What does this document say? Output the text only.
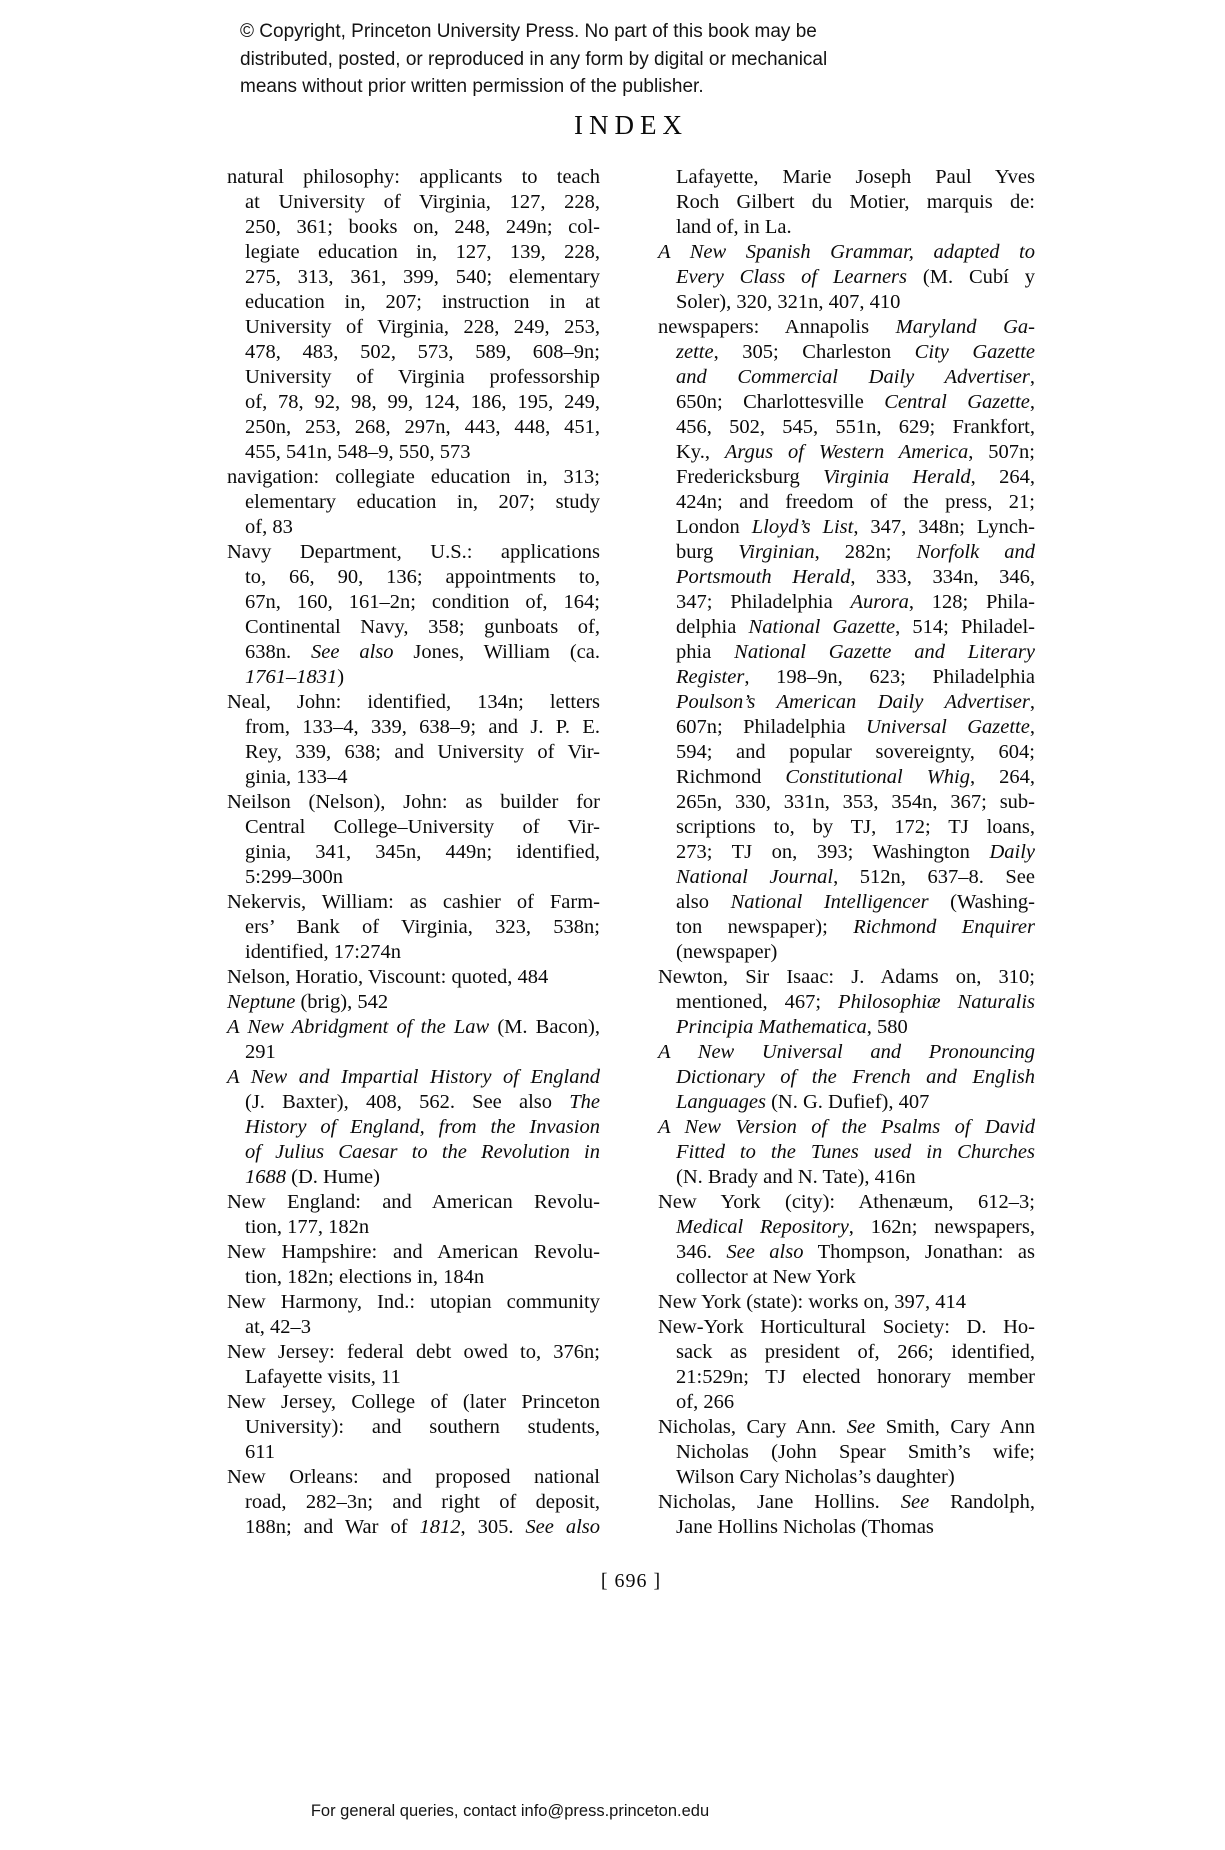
© Copyright, Princeton University Press. No part of this book may be
distributed, posted, or reproduced in any form by digital or mechanical
means without prior written permission of the publisher.
INDEX
natural philosophy: applicants to teach
at University of Virginia, 127, 228,
250, 361; books on, 248, 249n; col-
legiate education in, 127, 139, 228,
275, 313, 361, 399, 540; elementary
education in, 207; instruction in at
University of Virginia, 228, 249, 253,
478, 483, 502, 573, 589, 608–9n;
University of Virginia professorship
of, 78, 92, 98, 99, 124, 186, 195, 249,
250n, 253, 268, 297n, 443, 448, 451,
455, 541n, 548–9, 550, 573
navigation: collegiate education in, 313;
elementary education in, 207; study
of, 83
Navy Department, U.S.: applications
to, 66, 90, 136; appointments to,
67n, 160, 161–2n; condition of, 164;
Continental Navy, 358; gunboats of,
638n. See also Jones, William (ca.
1761–1831)
Neal, John: identified, 134n; letters
from, 133–4, 339, 638–9; and J. P. E.
Rey, 339, 638; and University of Vir-
ginia, 133–4
Neilson (Nelson), John: as builder for
Central College–University of Vir-
ginia, 341, 345n, 449n; identified,
5:299–300n
Nekervis, William: as cashier of Farm-
ers’ Bank of Virginia, 323, 538n;
identified, 17:274n
Nelson, Horatio, Viscount: quoted, 484
Neptune (brig), 542
A New Abridgment of the Law (M. Bacon),
291
A New and Impartial History of England
(J. Baxter), 408, 562. See also The
History of England, from the Invasion
of Julius Caesar to the Revolution in
1688 (D. Hume)
New England: and American Revolu-
tion, 177, 182n
New Hampshire: and American Revolu-
tion, 182n; elections in, 184n
New Harmony, Ind.: utopian community
at, 42–3
New Jersey: federal debt owed to, 376n;
Lafayette visits, 11
New Jersey, College of (later Princeton
University): and southern students,
611
New Orleans: and proposed national
road, 282–3n; and right of deposit,
188n; and War of 1812, 305. See also
Lafayette, Marie Joseph Paul Yves
Roch Gilbert du Motier, marquis de:
land of, in La.
A New Spanish Grammar, adapted to
Every Class of Learners (M. Cubí y
Soler), 320, 321n, 407, 410
newspapers: Annapolis Maryland Ga-
zette, 305; Charleston City Gazette
and Commercial Daily Advertiser,
650n; Charlottesville Central Gazette,
456, 502, 545, 551n, 629; Frankfort,
Ky., Argus of Western America, 507n;
Fredericksburg Virginia Herald, 264,
424n; and freedom of the press, 21;
London Lloyd’s List, 347, 348n; Lynch-
burg Virginian, 282n; Norfolk and
Portsmouth Herald, 333, 334n, 346,
347; Philadelphia Aurora, 128; Phila-
delphia National Gazette, 514; Philadel-
phia National Gazette and Literary
Register, 198–9n, 623; Philadelphia
Poulson’s American Daily Advertiser,
607n; Philadelphia Universal Gazette,
594; and popular sovereignty, 604;
Richmond Constitutional Whig, 264,
265n, 330, 331n, 353, 354n, 367; sub-
scriptions to, by TJ, 172; TJ loans,
273; TJ on, 393; Washington Daily
National Journal, 512n, 637–8. See
also National Intelligencer (Washing-
ton newspaper); Richmond Enquirer
(newspaper)
Newton, Sir Isaac: J. Adams on, 310;
mentioned, 467; Philosophiæ Naturalis
Principia Mathematica, 580
A New Universal and Pronouncing
Dictionary of the French and English
Languages (N. G. Dufief), 407
A New Version of the Psalms of David
Fitted to the Tunes used in Churches
(N. Brady and N. Tate), 416n
New York (city): Athenæum, 612–3;
Medical Repository, 162n; newspapers,
346. See also Thompson, Jonathan: as
collector at New York
New York (state): works on, 397, 414
New-York Horticultural Society: D. Ho-
sack as president of, 266; identified,
21:529n; TJ elected honorary member
of, 266
Nicholas, Cary Ann. See Smith, Cary Ann
Nicholas (John Spear Smith’s wife;
Wilson Cary Nicholas’s daughter)
Nicholas, Jane Hollins. See Randolph,
Jane Hollins Nicholas (Thomas
[ 696 ]
For general queries, contact info@press.princeton.edu
